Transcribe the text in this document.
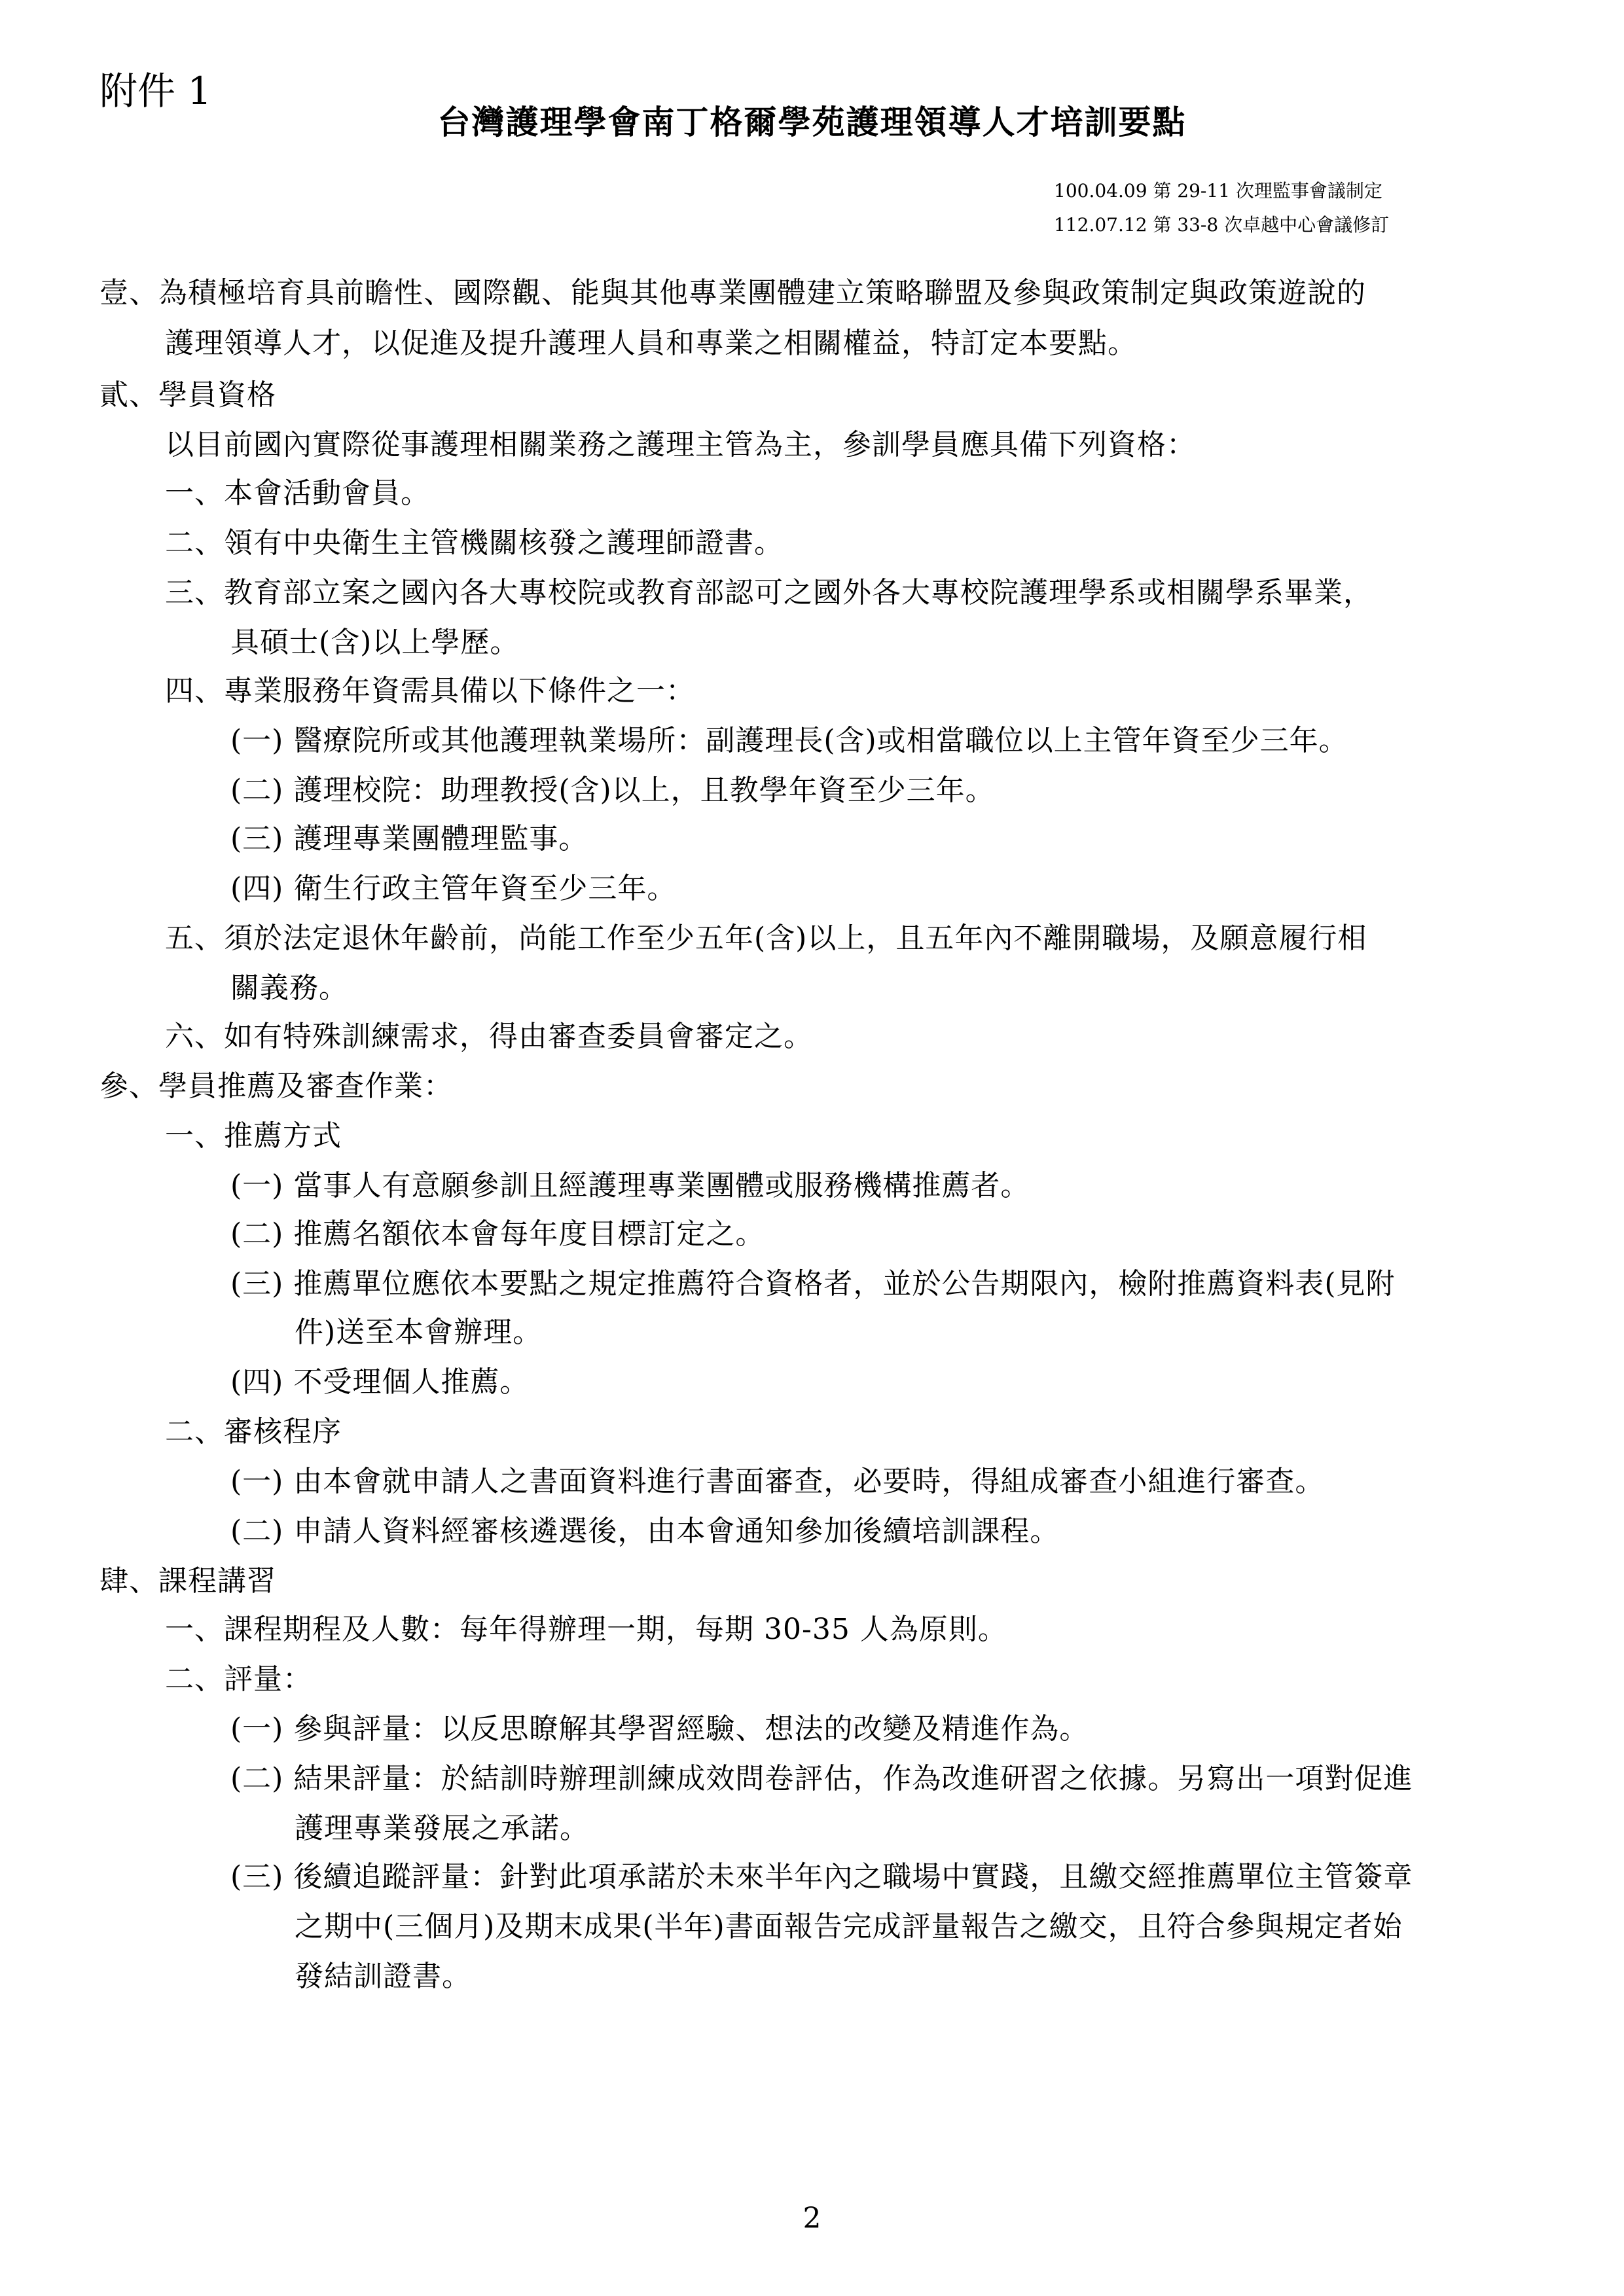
附件 1
台灣護理學會南丁格爾學苑護理領導人才培訓要點
100.04.09 第 29-11 次理監事會議制定
112.07.12 第 33-8 次卓越中心會議修訂
壹、為積極培育具前瞻性、國際觀、能與其他專業團體建立策略聯盟及參與政策制定與政策遊說的
護理領導人才，以促進及提升護理人員和專業之相關權益，特訂定本要點。
貳、學員資格
以目前國內實際從事護理相關業務之護理主管為主，參訓學員應具備下列資格：
一、本會活動會員。
二、領有中央衛生主管機關核發之護理師證書。
三、教育部立案之國內各大專校院或教育部認可之國外各大專校院護理學系或相關學系畢業，
具碩士(含)以上學歷。
四、專業服務年資需具備以下條件之一：
(一) 醫療院所或其他護理執業場所：副護理長(含)或相當職位以上主管年資至少三年。
(二) 護理校院：助理教授(含)以上，且教學年資至少三年。
(三) 護理專業團體理監事。
(四) 衛生行政主管年資至少三年。
五、須於法定退休年齡前，尚能工作至少五年(含)以上，且五年內不離開職場，及願意履行相
關義務。
六、如有特殊訓練需求，得由審查委員會審定之。
參、學員推薦及審查作業：
一、推薦方式
(一) 當事人有意願參訓且經護理專業團體或服務機構推薦者。
(二) 推薦名額依本會每年度目標訂定之。
(三) 推薦單位應依本要點之規定推薦符合資格者，並於公告期限內，檢附推薦資料表(見附
件)送至本會辦理。
(四) 不受理個人推薦。
二、審核程序
(一) 由本會就申請人之書面資料進行書面審查，必要時，得組成審查小組進行審查。
(二) 申請人資料經審核遴選後，由本會通知參加後續培訓課程。
肆、課程講習
一、課程期程及人數：每年得辦理一期，每期 30-35 人為原則。
二、評量：
(一) 參與評量：以反思瞭解其學習經驗、想法的改變及精進作為。
(二) 結果評量：於結訓時辦理訓練成效問卷評估，作為改進研習之依據。另寫出一項對促進
護理專業發展之承諾。
(三) 後續追蹤評量：針對此項承諾於未來半年內之職場中實踐，且繳交經推薦單位主管簽章
之期中(三個月)及期末成果(半年)書面報告完成評量報告之繳交，且符合參與規定者始
發結訓證書。
2
